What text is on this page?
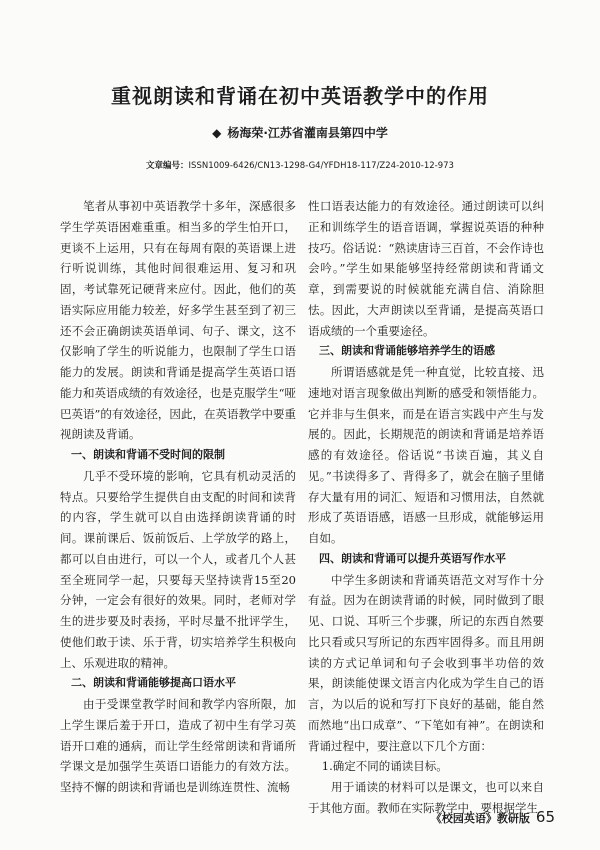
重视朗读和背诵在初中英语教学中的作用
◆ 杨海荣·江苏省灌南县第四中学
文章编号：ISSN1009-6426/CN13-1298-G4/YFDH18-117/Z24-2010-12-973

笔者从事初中英语教学十多年，深感很多学生学英语困难重重。相当多的学生怕开口，更谈不上运用，只有在每周有限的英语课上进行听说训练，其他时间很难运用、复习和巩固，考试靠死记硬背来应付。因此，他们的英语实际应用能力较差，好多学生甚至到了初三还不会正确朗读英语单词、句子、课文，这不仅影响了学生的听说能力，也限制了学生口语能力的发展。朗读和背诵是提高学生英语口语能力和英语成绩的有效途径，也是克服学生“哑巴英语”的有效途径，因此，在英语教学中要重视朗读及背诵。

一、朗读和背诵不受时间的限制

几乎不受环境的影响，它具有机动灵活的特点。只要给学生提供自由支配的时间和读背的内容，学生就可以自由选择朗读背诵的时间。课前课后、饭前饭后、上学放学的路上，都可以自由进行，可以一个人，或者几个人甚至全班同学一起，只要每天坚持读背15至20分钟，一定会有很好的效果。同时，老师对学生的进步要及时表扬，平时尽量不批评学生，使他们敢于读、乐于背，切实培养学生积极向上、乐观进取的精神。

二、朗读和背诵能够提高口语水平

由于受课堂教学时间和教学内容所限，加上学生课后羞于开口，造成了初中生有学习英语开口难的通病，而让学生经常朗读和背诵所学课文是加强学生英语口语能力的有效方法。坚持不懈的朗读和背诵也是训练连贯性、流畅

性口语表达能力的有效途径。通过朗读可以纠正和训练学生的语音语调，掌握说英语的种种技巧。俗话说：“熟读唐诗三百首，不会作诗也会吟。”学生如果能够坚持经常朗读和背诵文章，到需要说的时候就能充满自信、消除胆怯。因此，大声朗读以至背诵，是提高英语口语成绩的一个重要途径。

三、朗读和背诵能够培养学生的语感

所谓语感就是凭一种直觉，比较直接、迅速地对语言现象做出判断的感受和领悟能力。它并非与生俱来，而是在语言实践中产生与发展的。因此，长期规范的朗读和背诵是培养语感的有效途径。俗话说“书读百遍，其义自见。”书读得多了、背得多了，就会在脑子里储存大量有用的词汇、短语和习惯用法，自然就形成了英语语感，语感一旦形成，就能够运用自如。

四、朗读和背诵可以提升英语写作水平

中学生多朗读和背诵英语范文对写作十分有益。因为在朗读背诵的时候，同时做到了眼见、口说、耳听三个步骤，所记的东西自然要比只看或只写所记的东西牢固得多。而且用朗读的方式记单词和句子会收到事半功倍的效果，朗读能使课文语言内化成为学生自己的语言，为以后的说和写打下良好的基础，能自然而然地“出口成章”、“下笔如有神”。在朗读和背诵过程中，要注意以下几个方面：

1.确定不同的诵读目标。

用于诵读的材料可以是课文，也可以来自于其他方面。教师在实际教学中，要根据学生

《校园英语》教研版 65
